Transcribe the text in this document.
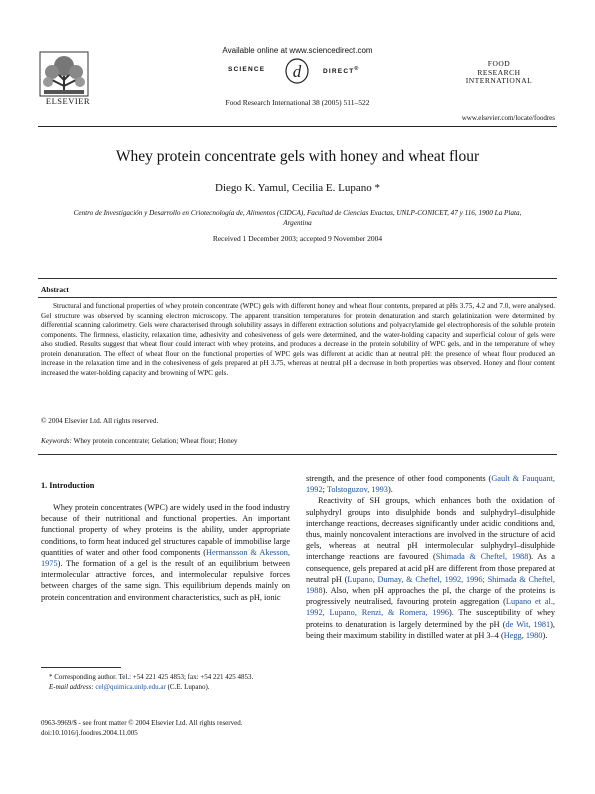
ELSEVIER
Available online at www.sciencedirect.com
d
SCIENCE	DIRECT®
Food Research International 38 (2005) 511–522
FOOD
RESEARCH
INTERNATIONAL
www.elsevier.com/locate/foodres
Whey protein concentrate gels with honey and wheat flour
Diego K. Yamul, Cecilia E. Lupano *
Centro de Investigación y Desarrollo en Criotecnología de, Alimentos (CIDCA), Facultad de Ciencias Exactas, UNLP-CONICET, 47 y 116, 1900 La Plata, Argentina
Received 1 December 2003; accepted 9 November 2004
Abstract
Structural and functional properties of whey protein concentrate (WPC) gels with different honey and wheat flour contents, prepared at pHs 3.75, 4.2 and 7.0, were analysed. Gel structure was observed by scanning electron microscopy. The apparent transition temperatures for protein denaturation and starch gelatinization were determined by differential scanning calorimetry. Gels were characterised through solubility assays in different extraction solutions and polyacrylamide gel electrophoresis of the soluble protein components. The firmness, elasticity, relaxation time, adhesivity and cohesiveness of gels were determined, and the water-holding capacity and superficial colour of gels were also studied. Results suggest that wheat flour could interact with whey proteins, and produces a decrease in the protein solubility of WPC gels, and in the temperature of whey protein denaturation. The effect of wheat flour on the functional properties of WPC gels was different at acidic than at neutral pH: the presence of wheat flour produced an increase in the relaxation time and in the cohesiveness of gels prepared at pH 3.75, whereas at neutral pH a decrease in both properties was observed. Honey and flour content increased the water-holding capacity and browning of WPC gels.
© 2004 Elsevier Ltd. All rights reserved.
Keywords: Whey protein concentrate; Gelation; Wheat flour; Honey
1. Introduction

Whey protein concentrates (WPC) are widely used in the food industry because of their nutritional and functional properties. An important functional property of whey proteins is the ability, under appropriate conditions, to form heat induced gel structures capable of immobilise large quantities of water and other food components (Hermansson & Akesson, 1975). The formation of a gel is the result of an equilibrium between intermolecular attractive forces, and intermolecular repulsive forces between charges of the same sign. This equilibrium depends mainly on protein concentration and environment characteristics, such as pH, ionic

strength, and the presence of other food components (Gault & Fauquant, 1992; Tolstoguzov, 1993).

Reactivity of SH groups, which enhances both the oxidation of sulphydryl groups into disulphide bonds and sulphydryl–disulphide interchange reactions, decreases significantly under acidic conditions and, thus, mainly noncovalent interactions are involved in the structure of acid gels, whereas at neutral pH intermolecular sulphydryl–disulphide interchange reactions are favoured (Shimada & Cheftel, 1988). As a consequence, gels prepared at acid pH are different from those prepared at neutral pH (Lupano, Dumay, & Cheftel, 1992, 1996; Shimada & Cheftel, 1988). Also, when pH approaches the pI, the charge of the proteins is progressively neutralised, favouring protein aggregation (Lupano et al., 1992, Lupano, Renzi, & Romera, 1996). The susceptibility of whey proteins to denaturation is largely determined by the pH (de Wit, 1981), being their maximum stability in distilled water at pH 3–4 (Hegg, 1980).

* Corresponding author. Tel.: +54 221 425 4853; fax: +54 221 425 4853.

E-mail address: cel@quimica.unlp.edu.ar (C.E. Lupano).

0963-9969/$ - see front matter © 2004 Elsevier Ltd. All rights reserved.
doi:10.1016/j.foodres.2004.11.005
